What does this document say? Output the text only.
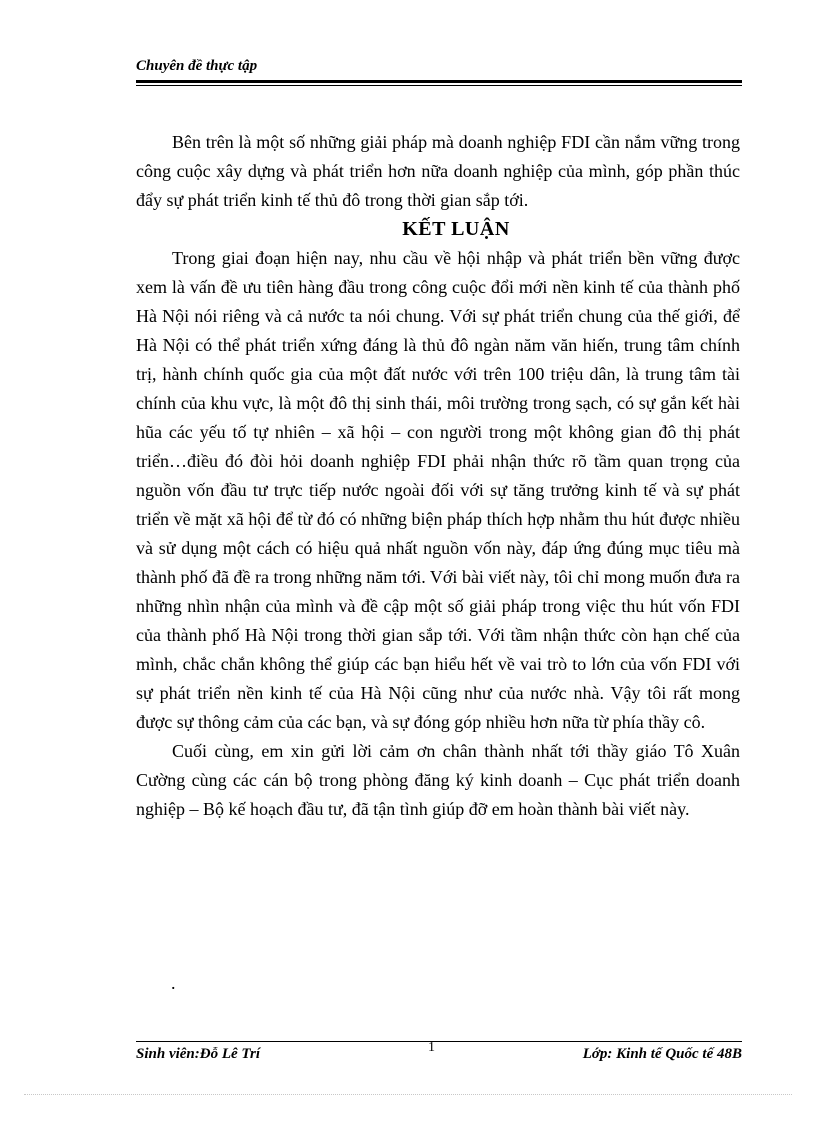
Chuyên đề thực tập

Bên trên là một số những giải pháp mà doanh nghiệp FDI cần nắm vững trong công cuộc xây dựng và phát triển hơn nữa doanh nghiệp của mình, góp phần thúc đẩy sự phát triển kinh tế thủ đô trong thời gian sắp tới.

KẾT LUẬN

Trong giai đoạn hiện nay, nhu cầu về hội nhập và phát triển bền vững được xem là vấn đề ưu tiên hàng đầu trong công cuộc đổi mới nền kinh tế của thành phố Hà Nội nói riêng và cả nước ta nói chung. Với sự phát triển chung của thế giới, để Hà Nội có thể phát triển xứng đáng là thủ đô ngàn năm văn hiến, trung tâm chính trị, hành chính quốc gia của một đất nước với trên 100 triệu dân, là trung tâm tài chính của khu vực, là một đô thị sinh thái, môi trường trong sạch, có sự gắn kết hài hũa các yếu tố tự nhiên – xã hội – con người trong một không gian đô thị phát triển…điều đó đòi hỏi doanh nghiệp FDI phải nhận thức rõ tầm quan trọng của nguồn vốn đầu tư trực tiếp nước ngoài đối với sự tăng trưởng kinh tế và sự phát triển về mặt xã hội để từ đó có những biện pháp thích hợp nhằm thu hút được nhiều và sử dụng một cách có hiệu quả nhất nguồn vốn này, đáp ứng đúng mục tiêu mà thành phố đã đề ra trong những năm tới. Với bài viết này, tôi chỉ mong muốn đưa ra những nhìn nhận của mình và đề cập một số giải pháp trong việc thu hút vốn FDI của thành phố Hà Nội trong thời gian sắp tới. Với tầm nhận thức còn hạn chế của mình, chắc chắn không thể giúp các bạn hiểu hết về vai trò to lớn của vốn FDI với sự phát triển nền kinh tế của Hà Nội cũng như của nước nhà. Vậy tôi rất mong được sự thông cảm của các bạn, và sự đóng góp nhiều hơn nữa từ phía thầy cô.

Cuối cùng, em xin gửi lời cảm ơn chân thành nhất tới thầy giáo Tô Xuân Cường cùng các cán bộ trong phòng đăng ký kinh doanh – Cục phát triển doanh nghiệp – Bộ kế hoạch đầu tư, đã tận tình giúp đỡ em hoàn thành bài viết này.

.
Sinh viên:Đỗ Lê Trí	1	Lớp: Kinh tế Quốc tế 48B
